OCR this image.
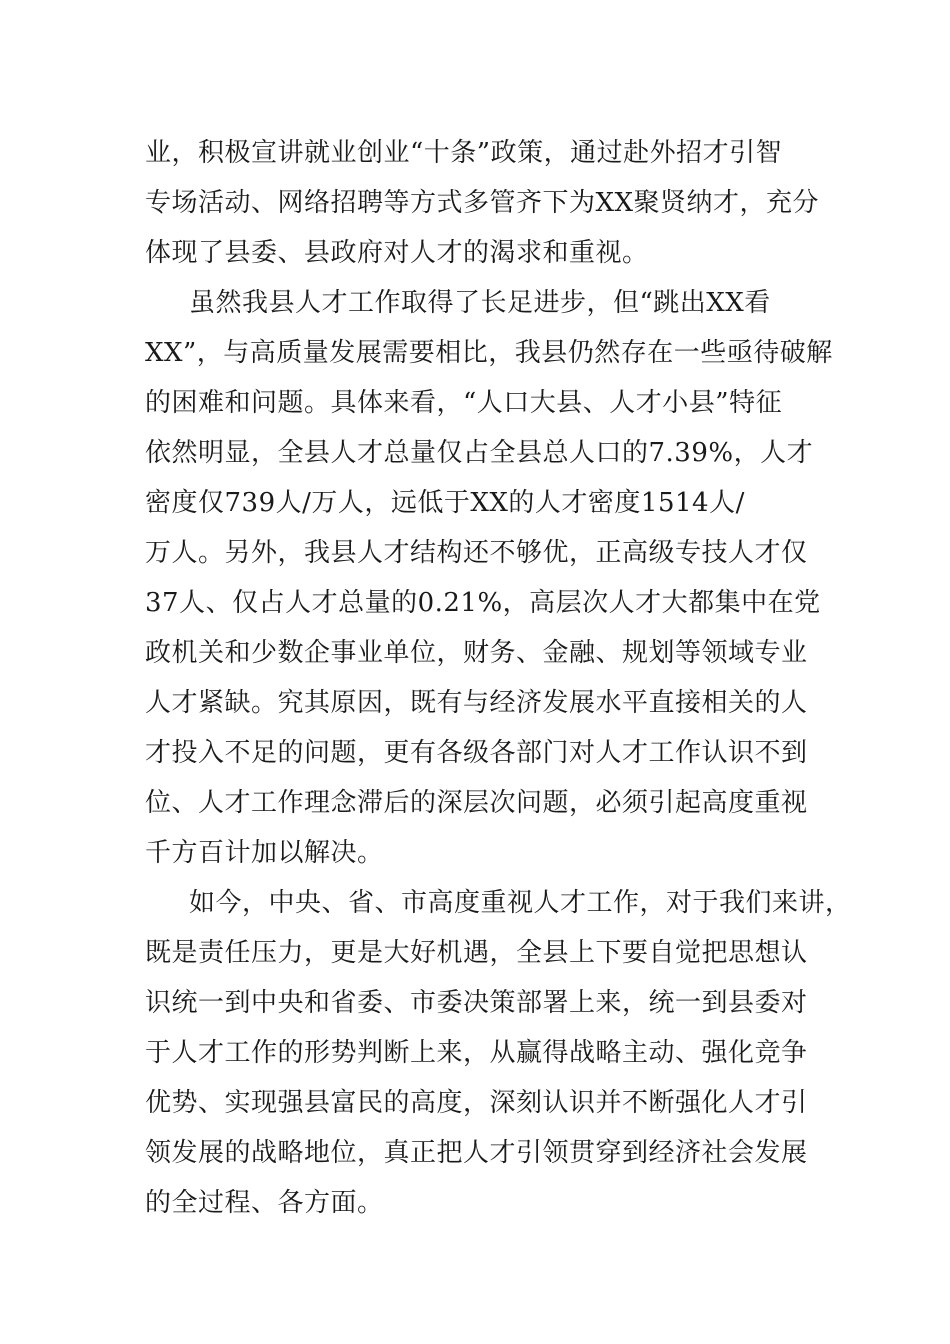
业，积极宣讲就业创业“十条”政策，通过赴外招才引智
专场活动、网络招聘等方式多管齐下为XX聚贤纳才，充分
体现了县委、县政府对人才的渴求和重视。
虽然我县人才工作取得了长足进步，但“跳出XX看
XX”，与高质量发展需要相比，我县仍然存在一些亟待破解
的困难和问题。具体来看，“人口大县、人才小县”特征
依然明显，全县人才总量仅占全县总人口的7.39%，人才
密度仅739人/万人，远低于XX的人才密度1514人/
万人。另外，我县人才结构还不够优，正高级专技人才仅
37人、仅占人才总量的0.21%，高层次人才大都集中在党
政机关和少数企事业单位，财务、金融、规划等领域专业
人才紧缺。究其原因，既有与经济发展水平直接相关的人
才投入不足的问题，更有各级各部门对人才工作认识不到
位、人才工作理念滞后的深层次问题，必须引起高度重视
千方百计加以解决。
如今，中央、省、市高度重视人才工作，对于我们来讲，
既是责任压力，更是大好机遇，全县上下要自觉把思想认
识统一到中央和省委、市委决策部署上来，统一到县委对
于人才工作的形势判断上来，从赢得战略主动、强化竞争
优势、实现强县富民的高度，深刻认识并不断强化人才引
领发展的战略地位，真正把人才引领贯穿到经济社会发展
的全过程、各方面。
